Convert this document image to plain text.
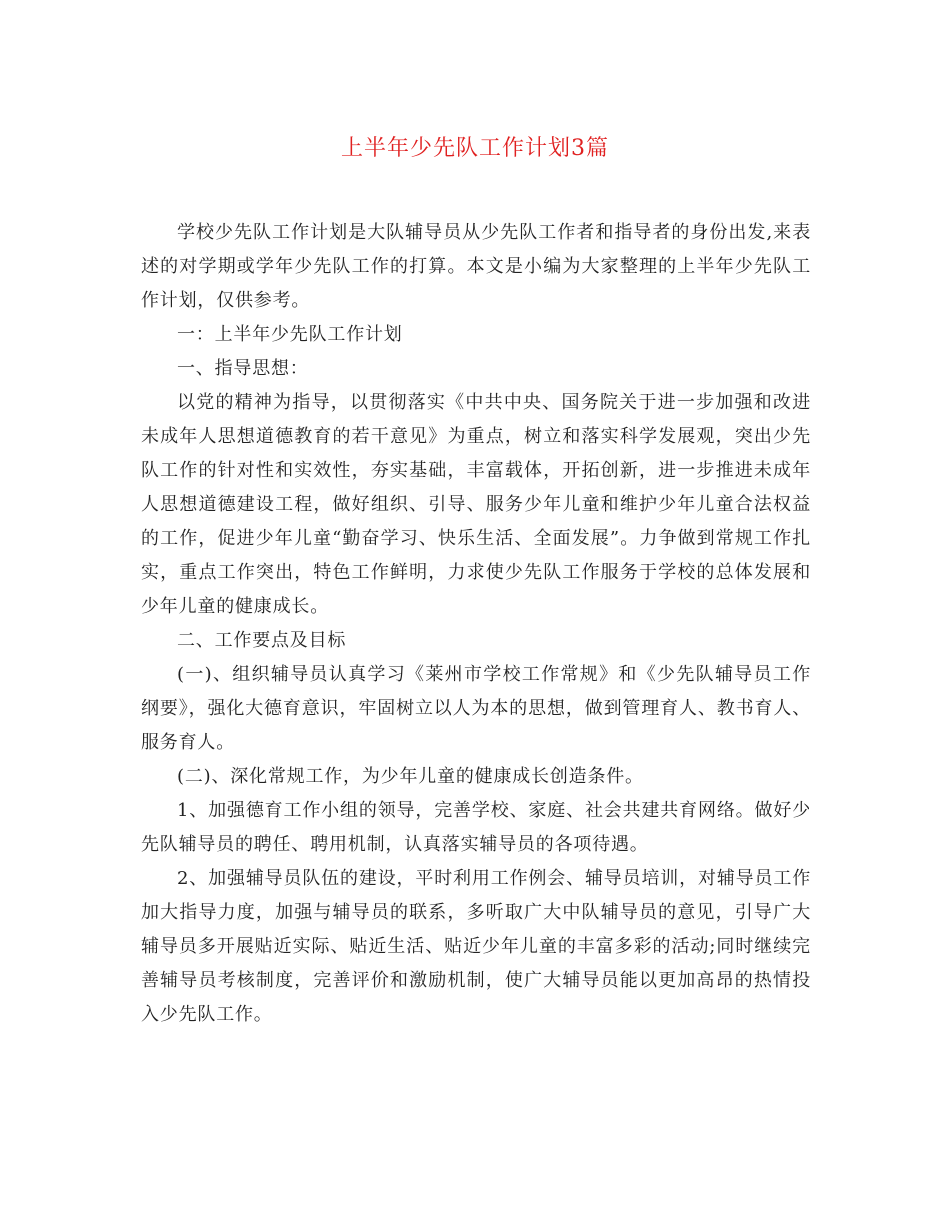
上半年少先队工作计划3篇

学校少先队工作计划是大队辅导员从少先队工作者和指导者的身份出发,来表述的对学期或学年少先队工作的打算。本文是小编为大家整理的上半年少先队工作计划，仅供参考。

一：上半年少先队工作计划

一、指导思想：

以党的精神为指导，以贯彻落实《中共中央、国务院关于进一步加强和改进未成年人思想道德教育的若干意见》为重点，树立和落实科学发展观，突出少先队工作的针对性和实效性，夯实基础，丰富载体，开拓创新，进一步推进未成年人思想道德建设工程，做好组织、引导、服务少年儿童和维护少年儿童合法权益的工作，促进少年儿童“勤奋学习、快乐生活、全面发展”。力争做到常规工作扎实，重点工作突出，特色工作鲜明，力求使少先队工作服务于学校的总体发展和少年儿童的健康成长。

二、工作要点及目标

(一)、组织辅导员认真学习《莱州市学校工作常规》和《少先队辅导员工作纲要》，强化大德育意识，牢固树立以人为本的思想，做到管理育人、教书育人、服务育人。

(二)、深化常规工作，为少年儿童的健康成长创造条件。

1、加强德育工作小组的领导，完善学校、家庭、社会共建共育网络。做好少先队辅导员的聘任、聘用机制，认真落实辅导员的各项待遇。

2、加强辅导员队伍的建设，平时利用工作例会、辅导员培训，对辅导员工作加大指导力度，加强与辅导员的联系，多听取广大中队辅导员的意见，引导广大辅导员多开展贴近实际、贴近生活、贴近少年儿童的丰富多彩的活动;同时继续完善辅导员考核制度，完善评价和激励机制，使广大辅导员能以更加高昂的热情投入少先队工作。
